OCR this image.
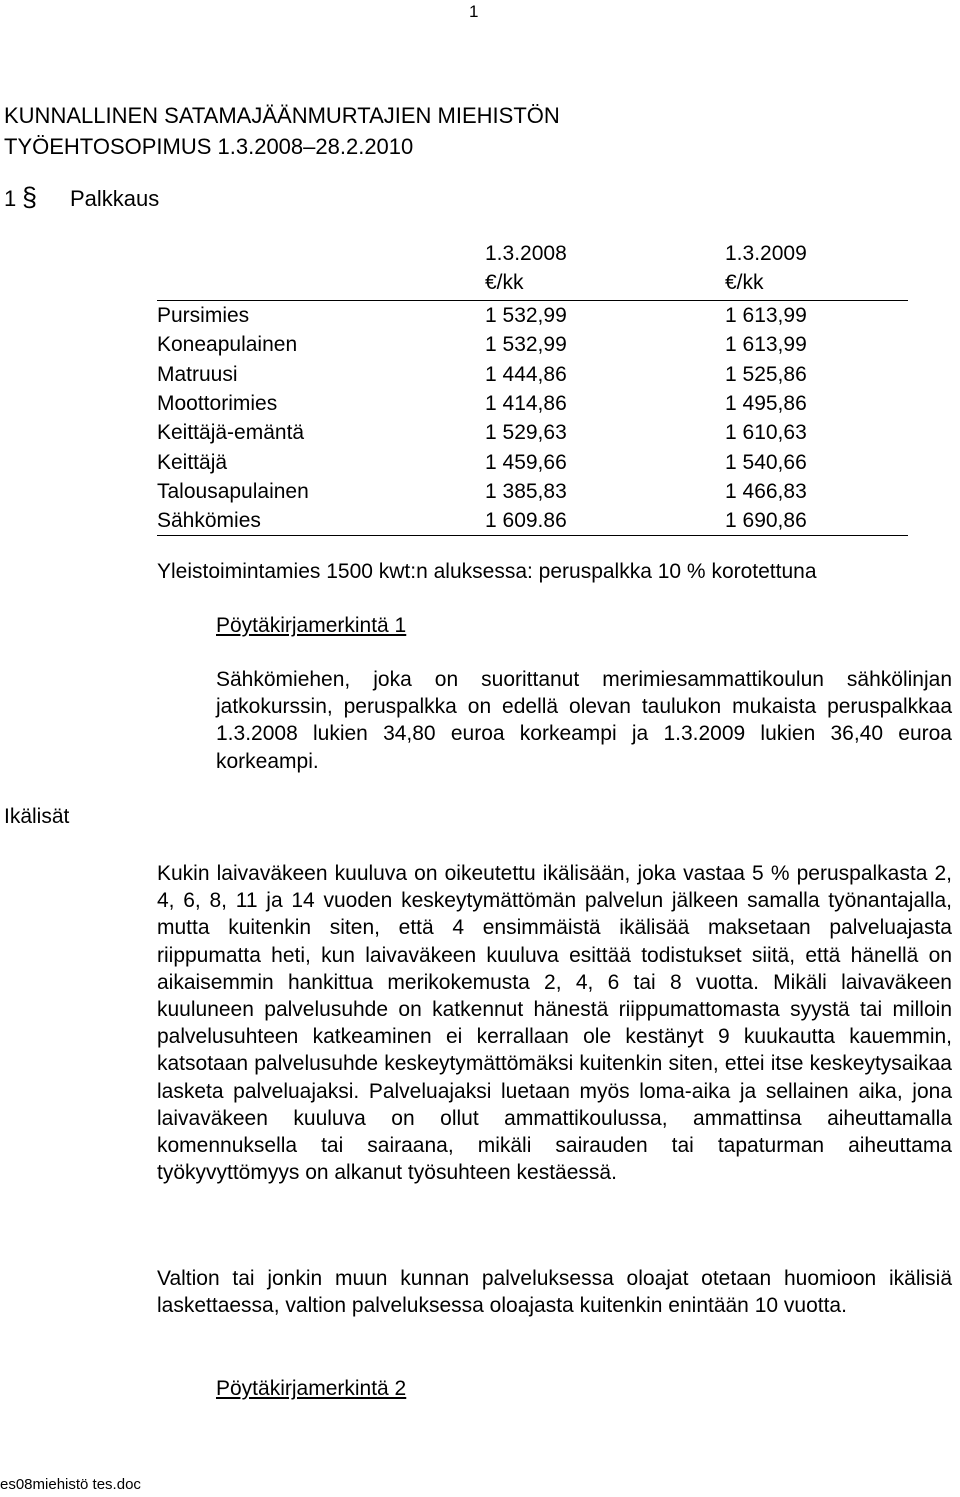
1
KUNNALLINEN SATAMAJÄÄNMURTAJIEN MIEHISTÖN
TYÖEHTOSOPIMUS 1.3.2008–28.2.2010
1 § Palkkaus
1.3.2008	1.3.2009
€/kk	€/kk
Pursimies	1 532,99	1 613,99
Koneapulainen	1 532,99	1 613,99
Matruusi	1 444,86	1 525,86
Moottorimies	1 414,86	1 495,86
Keittäjä-emäntä	1 529,63	1 610,63
Keittäjä	1 459,66	1 540,66
Talousapulainen	1 385,83	1 466,83
Sähkömies	1 609.86	1 690,86
Yleistoimintamies 1500 kwt:n aluksessa: peruspalkka 10 % korotettuna
Pöytäkirjamerkintä 1
Sähkömiehen, joka on suorittanut merimiesammattikoulun sähkölinjan jatkokurssin, peruspalkka on edellä olevan taulukon mukaista peruspalkkaa 1.3.2008 lukien 34,80 euroa korkeampi ja 1.3.2009 lukien 36,40 euroa korkeampi.
Ikälisät
Kukin laivaväkeen kuuluva on oikeutettu ikälisään, joka vastaa 5 % peruspalkasta 2, 4, 6, 8, 11 ja 14 vuoden keskeytymättömän palvelun jälkeen samalla työnantajalla, mutta kuitenkin siten, että 4 ensimmäistä ikälisää maksetaan palveluajasta riippumatta heti, kun laivaväkeen kuuluva esittää todistukset siitä, että hänellä on aikaisemmin hankittua merikokemusta 2, 4, 6 tai 8 vuotta. Mikäli laivaväkeen kuuluneen palvelusuhde on katkennut hänestä riippumattomasta syystä tai milloin palvelusuhteen katkeaminen ei kerrallaan ole kestänyt 9 kuukautta kauemmin, katsotaan palvelusuhde keskeytymättömäksi kuitenkin siten, ettei itse keskeytysaikaa lasketa palveluajaksi. Palveluajaksi luetaan myös loma-aika ja sellainen aika, jona laivaväkeen kuuluva on ollut ammattikoulussa, ammattinsa aiheuttamalla komennuksella tai sairaana, mikäli sairauden tai tapaturman aiheuttama työkyvyttömyys on alkanut työsuhteen kestäessä.
Valtion tai jonkin muun kunnan palveluksessa oloajat otetaan huomioon ikälisiä laskettaessa, valtion palveluksessa oloajasta kuitenkin enintään 10 vuotta.
Pöytäkirjamerkintä 2
es08miehistö tes.doc
